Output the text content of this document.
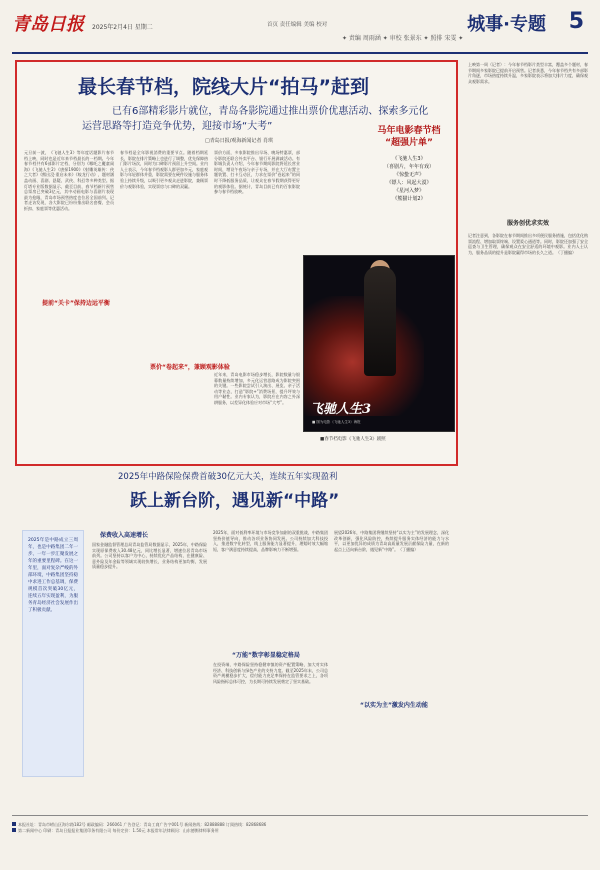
青岛日报 2025年2月4日 星期二	首页 责任编辑 美编 校对
✦ 责编 周雨涵 ✦ 审校 张景东 ✦ 照排 宋雯 ✦
城事·专题 5
最长春节档，院线大片“拍马”赶到
已有6部精彩影片就位，青岛各影院通过推出票价优惠活动、探索多元化
运营思路等打造竞争优势，迎接市场“大考”
□青岛日报/观海新闻记者 肖琪
元旦前一波，《飞驰人生3》等年度话题影片春节档上映，同时也是近年来节档最长的一档期。今年春节档共有6部影片定档，分别为《哪吒之魔童闹海》《飞驰人生2》《唐探1900》《射雕英雄传：侠之大者》《熊出没·重启未来》《蛟龙行动》，题材涵盖动画、喜剧、悬疑、武侠、科幻等多种类型。据灯塔专业版数据显示，截至目前，春节档新片预售总票房已突破3亿元，其中动画电影与喜剧片表现最为抢眼，青岛市场预售热度也位居全国前列。记者走访发现，各大影院已纷纷推出联名套餐、会员折扣、家庭票等优惠活动。
提前“关卡”保持边远平衡
春节档是全年影视消费的重要节点。随着档期延长，影院在排片策略上也进行了调整，优先保障热门影片场次，同时为口碑影片预留上升空间。业内人士表示，今年春节档观影人群更加多元，家庭观影与年轻群体并重，影院需要在硬件设施与服务体验上持续升级，以吸引更多观众走进影院，兼顾票价与观影体验，实现票房与口碑的双赢。
票价方面，多家影院推出早场、晚场特惠票，部分影院还联合外卖平台、银行开展满减活动。有影城负责人介绍，今年春节期间影院将延长营业时间，增设午夜场与亲子专场，并在大厅布置主题装置、打卡互动区，力求在票价“卷起来”的同时不降低服务品质，让观众在春节假期获得更好的观影体验。据统计，青岛目前已有约百家影院参与春节档放映。
票价“卷起来”，兼顾观影体验
近年来，青岛电影市场稳步增长，影院数量与银幕数量持续增加，多元化运营思路成为影院突围的关键。一些影院尝试引入演出、展览、亲子活动等业态，打造“影院+”消费场景，提升坪效与用户黏性。业内专家认为，影院应在内容之外深耕服务，以差异化体验应对市场“大考”。
马年电影春节档
“超强片单”
《飞驰人生3》
（喜剧片，年年有戏）
《惊蛰无声》
《镖人：风起大漠》
《星河入梦》
《熊猫计划2》
飞驰人生3
■ 图为电影《飞驰人生3》海报
■春节档电影《飞驰人生3》剧照
上映第一周（记者）：今年春节档影片类型丰富，覆盖多个题材，春节期间多家影院已提前开启预售。记者获悉，今年春节档共有多部影片角逐，市场热度持续升温，多家影院表示将加大排片力度，确保观众观影需求。
服务创优求实效
记者注意到，各影院在春节期间推出多项便民服务措施，包括优化购票流程、增加取票终端、设置爱心通道等。同时，影院还加强了安全巡查与卫生管理，确保观众在安全舒适的环境中观影。业内人士认为，服务品质的提升是影院赢得市场的长久之道。（丁播编）
2025年中路保险保费首破30亿元大关，连续五年实现盈利
跃上新台阶，遇见新“中路”
2025年是中路成立三周年，也是中路集团二年一步、一年一步汇聚发展之年的重要里程碑。在这一年里，面对复杂严峻的外部环境，中路集团坚持稳中求进工作总基调，保费规模首次突破30亿元，连续五年实现盈利，为服务青岛经济社会发展作出了积极贡献。
保费收入高速增长
国家金融监督管理总局青岛监管局数据显示，2025年，中路保险实现原保费收入30.48亿元，同比增长显著，增速位居青岛市场前列。公司坚持以客户为中心，持续优化产品结构，在健康险、意外险及年金险等领域实现较快增长，业务结构更加均衡，发展质量稳步提升。
2025年，面对低利率环境与市场竞争加剧的双重挑战，中路集团坚持价值导向，推动各项业务协同发展。公司持续加大科技投入，推进数字化转型，线上服务能力显著提升，理赔时效大幅缩短，客户满意度持续提高，品牌影响力不断增强。
“万能”数字彰显稳定格局
在投资端，中路保险坚持稳健审慎的资产配置策略，加大对实体经济、科技创新与绿色产业的支持力度。截至2025年末，公司总资产规模稳步扩大，偿付能力充足率保持在监管要求之上，各项风险指标总体可控，为长期可持续发展奠定了坚实基础。
展望2026年，中路集团将继续坚持“以实为主”的发展理念，深化改革创新，强化风险防控，持续提升服务实体经济的能力与水平，以更加优异的成绩为青岛高质量发展贡献保险力量，在新的起点上迈向新台阶，遇见新“中路”。（丁播编）
“以实为主”激发内生动能
本报社址：青岛市崂山区海尔路182号 邮政编码：266061 广告登记：青岛工商广告字001号 新闻热线：82888888 订阅热线：82868686
第二新闻中心 印刷：青岛日报报业集团印务有限公司 每份定价：1.50元 本报常年法律顾问：山东德衡律师事务所
